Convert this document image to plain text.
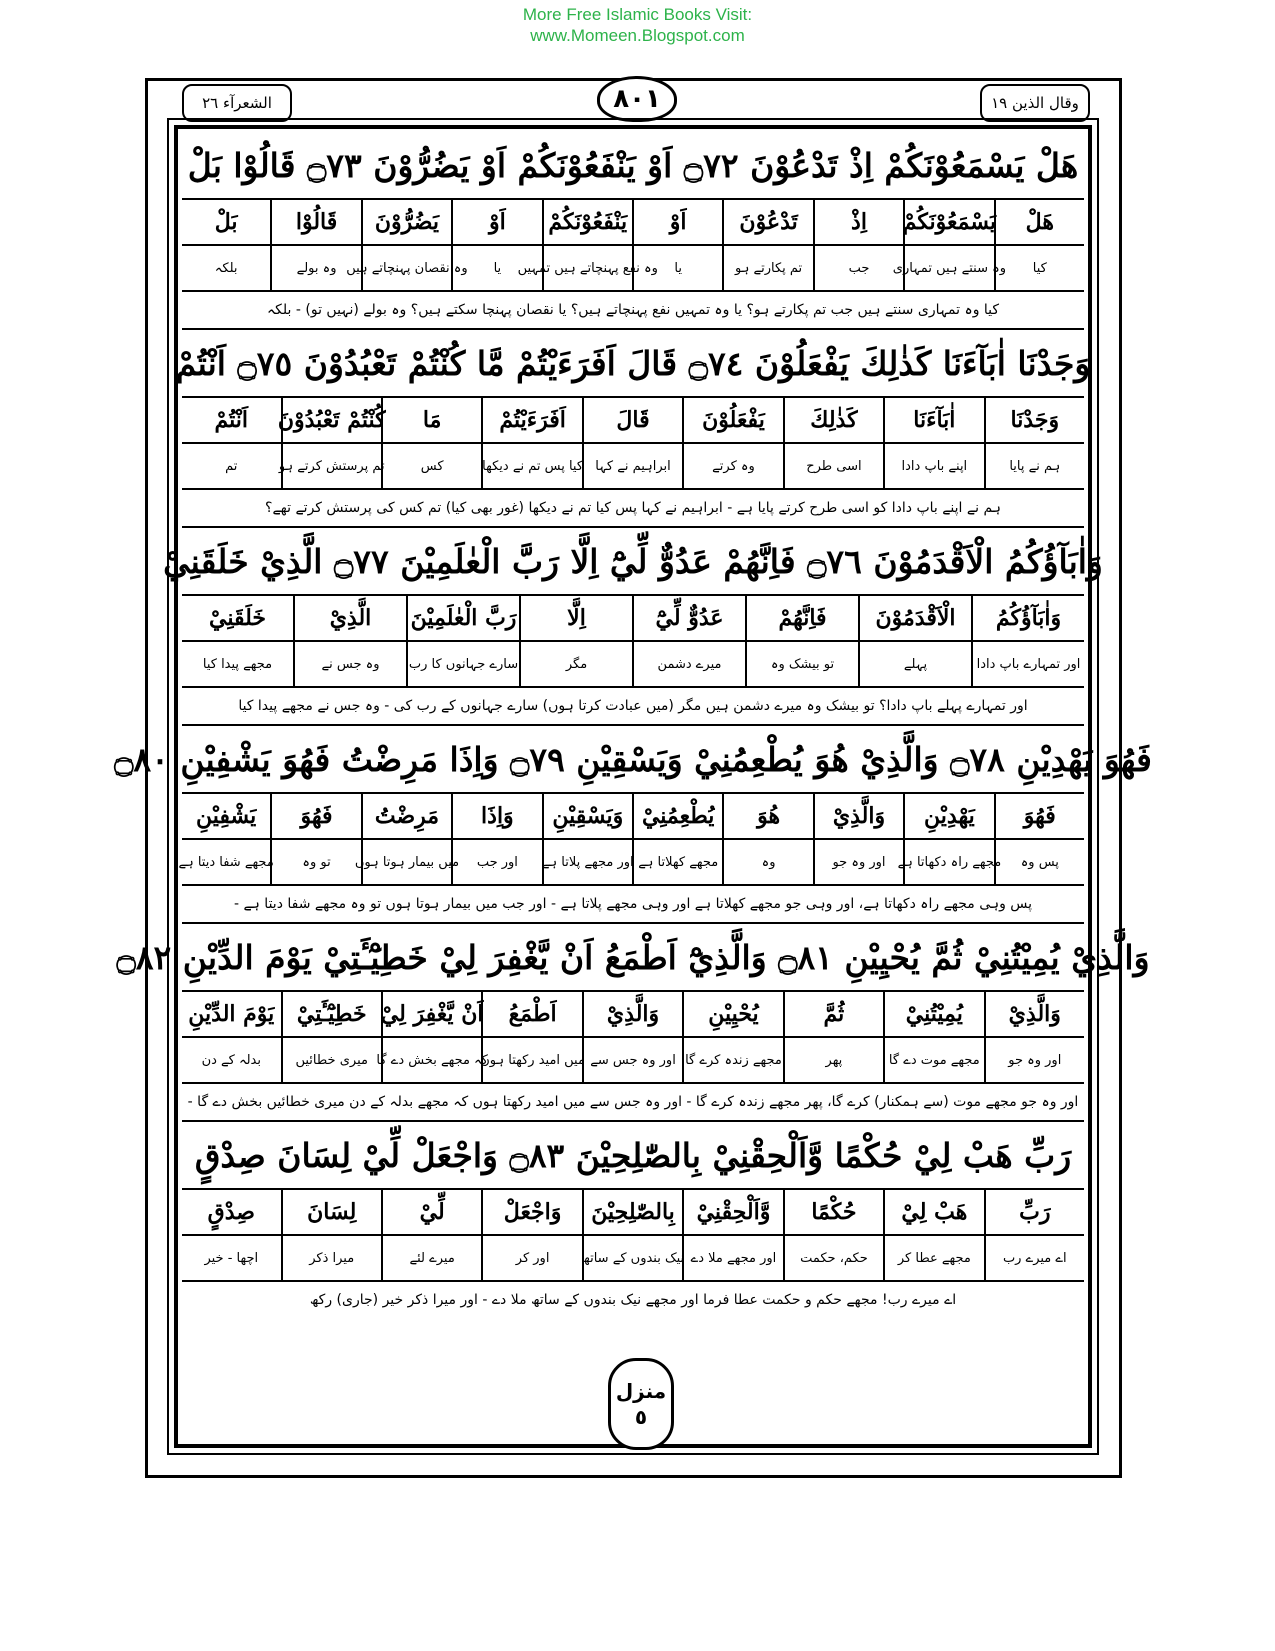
More Free Islamic Books Visit:
www.Momeen.Blogspot.com
الشعرآء ٢٦	وقال الذين ١٩
٨٠١
هَلْ يَسْمَعُوْنَكُمْ اِذْ تَدْعُوْنَ ۝٧٢ اَوْ يَنْفَعُوْنَكُمْ اَوْ يَضُرُّوْنَ ۝٧٣ قَالُوْا بَلْ
هَلْ
يَسْمَعُوْنَكُمْ
اِذْ
تَدْعُوْنَ
اَوْ
يَنْفَعُوْنَكُمْ
اَوْ
يَضُرُّوْنَ
قَالُوْا
بَلْ
کیا
وہ سنتے ہیں تمہاری
جب
تم پکارتے ہو
یا
وہ نفع پہنچاتے ہیں تمہیں
یا
وہ نقصان پہنچاتے ہیں
وہ بولے
بلکہ
کیا وہ تمہاری سنتے ہیں جب تم پکارتے ہو؟ یا وہ تمہیں نفع پہنچاتے ہیں؟ یا نقصان پہنچا سکتے ہیں؟ وہ بولے (نہیں تو) - بلکہ
وَجَدْنَا اٰبَآءَنَا كَذٰلِكَ يَفْعَلُوْنَ ۝٧٤ قَالَ اَفَرَءَيْتُمْ مَّا كُنْتُمْ تَعْبُدُوْنَ ۝٧٥ اَنْتُمْ
وَجَدْنَا
اٰبَآءَنَا
كَذٰلِكَ
يَفْعَلُوْنَ
قَالَ
اَفَرَءَيْتُمْ
مَا
كُنْتُمْ تَعْبُدُوْنَ
اَنْتُمْ
ہم نے پایا
اپنے باپ دادا
اسی طرح
وہ کرتے
ابراہیم نے کہا
کیا پس تم نے دیکھا
کس
تم پرستش کرتے ہو
تم
ہم نے اپنے باپ دادا کو اسی طرح کرتے پایا ہے - ابراہیم نے کہا پس کیا تم نے دیکھا (غور بھی کیا) تم کس کی پرستش کرتے تھے؟
وَاٰبَآؤُكُمُ الْاَقْدَمُوْنَ ۝٧٦ فَاِنَّهُمْ عَدُوٌّ لِّيْٓ اِلَّا رَبَّ الْعٰلَمِيْنَ ۝٧٧ الَّذِيْ خَلَقَنِيْ
وَاٰبَآؤُكُمُ
الْاَقْدَمُوْنَ
فَاِنَّهُمْ
عَدُوٌّ لِّيْٓ
اِلَّا
رَبَّ الْعٰلَمِيْنَ
الَّذِيْ
خَلَقَنِيْ
اور تمہارے باپ دادا
پہلے
تو بیشک وہ
میرے دشمن
مگر
سارے جہانوں کا رب
وہ جس نے
مجھے پیدا کیا
اور تمہارے پہلے باپ دادا؟ تو بیشک وہ میرے دشمن ہیں مگر (میں عبادت کرتا ہوں) سارے جہانوں کے رب کی - وہ جس نے مجھے پیدا کیا
فَهُوَ يَهْدِيْنِ ۝٧٨ وَالَّذِيْ هُوَ يُطْعِمُنِيْ وَيَسْقِيْنِ ۝٧٩ وَاِذَا مَرِضْتُ فَهُوَ يَشْفِيْنِ ۝٨٠
فَهُوَ
يَهْدِيْنِ
وَالَّذِيْ
هُوَ
يُطْعِمُنِيْ
وَيَسْقِيْنِ
وَاِذَا
مَرِضْتُ
فَهُوَ
يَشْفِيْنِ
پس وہ
مجھے راہ دکھاتا ہے
اور وہ جو
وہ
مجھے کھلاتا ہے
اور مجھے پلاتا ہے
اور جب
میں بیمار ہوتا ہوں
تو وہ
مجھے شفا دیتا ہے
پس وہی مجھے راہ دکھاتا ہے، اور وہی جو مجھے کھلاتا ہے اور وہی مجھے پلاتا ہے - اور جب میں بیمار ہوتا ہوں تو وہ مجھے شفا دیتا ہے -
وَالَّذِيْ يُمِيْتُنِيْ ثُمَّ يُحْيِيْنِ ۝٨١ وَالَّذِيْٓ اَطْمَعُ اَنْ يَّغْفِرَ لِيْ خَطِيْٓـَٔتِيْ يَوْمَ الدِّيْنِ ۝٨٢
وَالَّذِيْ
يُمِيْتُنِيْ
ثُمَّ
يُحْيِيْنِ
وَالَّذِيْ
اَطْمَعُ
اَنْ يَّغْفِرَ لِيْ
خَطِيْٓـَٔتِيْ
يَوْمَ الدِّيْنِ
اور وہ جو
مجھے موت دے گا
پھر
مجھے زندہ کرے گا
اور وہ جس سے
میں امید رکھتا ہوں
کہ مجھے بخش دے گا
میری خطائیں
بدلہ کے دن
اور وہ جو مجھے موت (سے ہمکنار) کرے گا، پھر مجھے زندہ کرے گا - اور وہ جس سے میں امید رکھتا ہوں کہ مجھے بدلہ کے دن میری خطائیں بخش دے گا -
رَبِّ هَبْ لِيْ حُكْمًا وَّاَلْحِقْنِيْ بِالصّٰلِحِيْنَ ۝٨٣ وَاجْعَلْ لِّيْ لِسَانَ صِدْقٍ
رَبِّ
هَبْ لِيْ
حُكْمًا
وَّاَلْحِقْنِيْ
بِالصّٰلِحِيْنَ
وَاجْعَلْ
لِّيْ
لِسَانَ
صِدْقٍ
اے میرے رب
مجھے عطا کر
حکم، حکمت
اور مجھے ملا دے
نیک بندوں کے ساتھ
اور کر
میرے لئے
میرا ذکر
اچھا - خیر
اے میرے رب! مجھے حکم و حکمت عطا فرما اور مجھے نیک بندوں کے ساتھ ملا دے - اور میرا ذکر خیر (جاری) رکھ
منزل
٥
